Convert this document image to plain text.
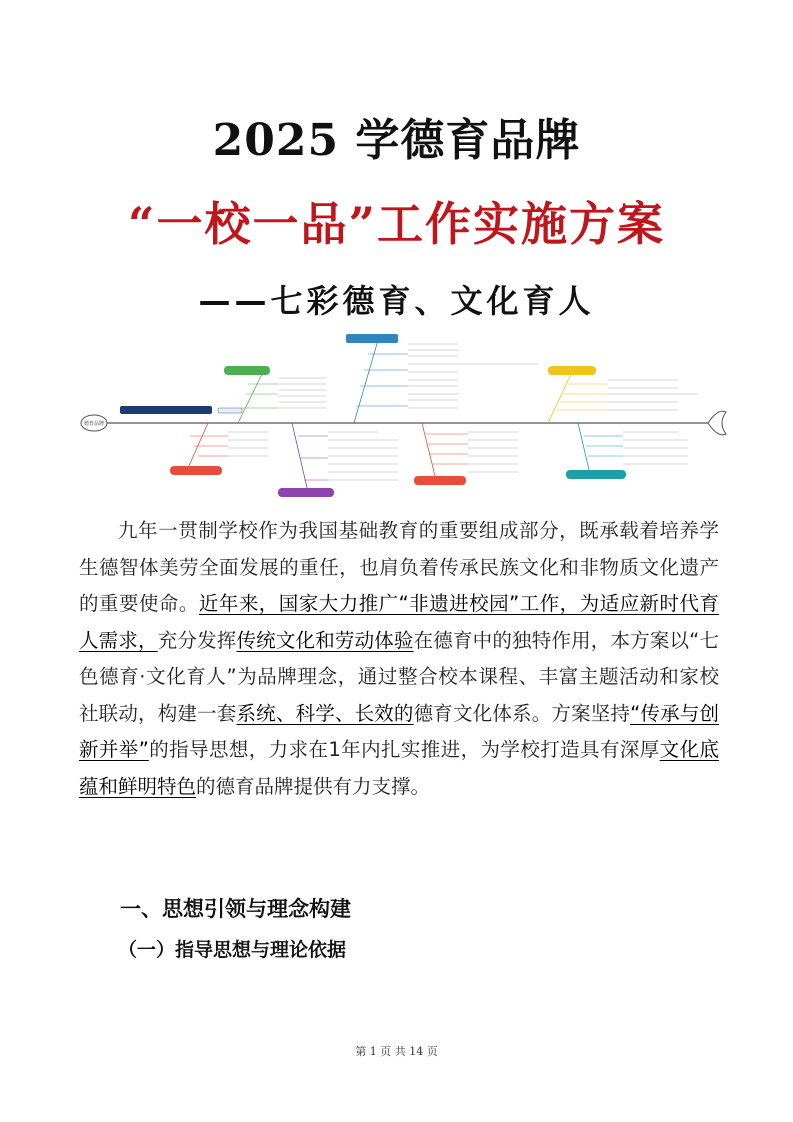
2025 学德育品牌
“一校一品”工作实施方案
——七彩德育、文化育人
德育品牌
九年一贯制学校作为我国基础教育的重要组成部分，既承载着培养学生德智体美劳全面发展的重任，也肩负着传承民族文化和非物质文化遗产的重要使命。近年来，国家大力推广“非遗进校园”工作，为适应新时代育人需求，充分发挥传统文化和劳动体验在德育中的独特作用，本方案以“七色德育·文化育人”为品牌理念，通过整合校本课程、丰富主题活动和家校社联动，构建一套系统、科学、长效的德育文化体系。方案坚持“传承与创新并举”的指导思想，力求在1年内扎实推进，为学校打造具有深厚文化底蕴和鲜明特色的德育品牌提供有力支撑。
一、思想引领与理念构建
（一）指导思想与理论依据
第 1 页 共 14 页
